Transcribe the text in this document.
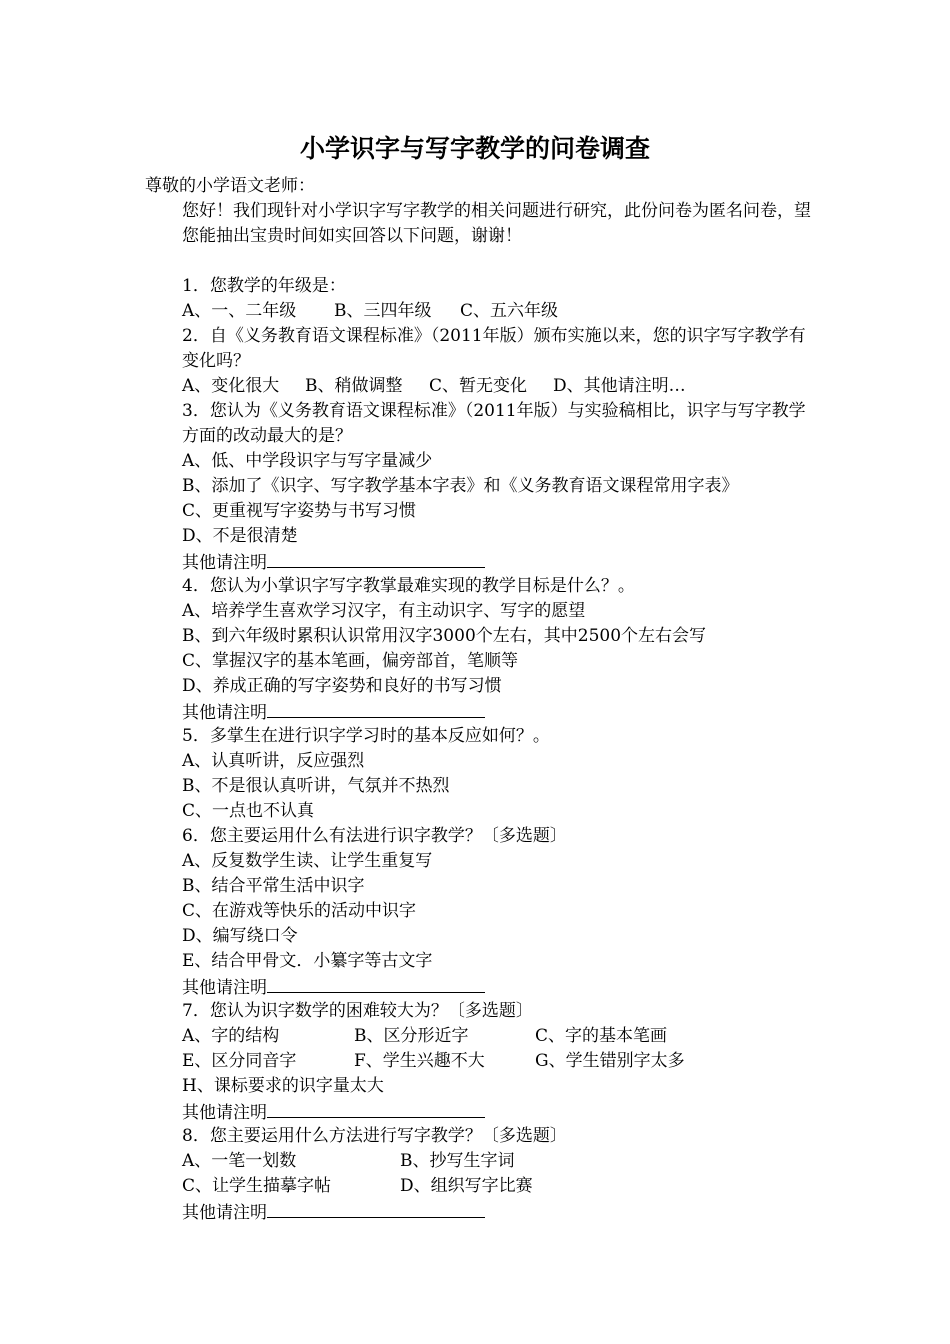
小学识字与写字教学的问卷调查
尊敬的小学语文老师：
您好！我们现针对小学识字写字教学的相关问题进行研究，此份问卷为匿名问卷，望您能抽出宝贵时间如实回答以下问题，谢谢！
1．您教学的年级是：
A、一、二年级 B、三四年级 C、五六年级
2．自《义务教育语文课程标准》（2011年版）颁布实施以来，您的识字写字教学有变化吗？
A、变化很大 B、稍做调整 C、暂无变化 D、其他请注明…
3．您认为《义务教育语文课程标准》（2011年版）与实验稿相比，识字与写字教学方面的改动最大的是？
A、低、中学段识字与写字量减少
B、添加了《识字、写字教学基本字表》和《义务教育语文课程常用字表》
C、更重视写字姿势与书写习惯
D、不是很清楚
其他请注明
4．您认为小掌识字写字教掌最难实现的教学目标是什么？。
A、培养学生喜欢学习汉字，有主动识字、写字的愿望
B、到六年级时累积认识常用汉字3000个左右，其中2500个左右会写
C、掌握汉字的基本笔画，偏旁部首，笔顺等
D、养成正确的写字姿势和良好的书写习惯
其他请注明
5．多掌生在进行识字学习时的基本反应如何？。
A、认真听讲，反应强烈
B、不是很认真听讲，气氛并不热烈
C、一点也不认真
6．您主要运用什么有法进行识字教学？〔多选题〕
A、反复数学生读、让学生重复写
B、结合平常生活中识字
C、在游戏等快乐的活动中识字
D、编写绕口令
E、结合甲骨文．小纂字等古文字
其他请注明
7．您认为识字数学的困难较大为？〔多选题〕
A、字的结构	B、区分形近字	C、字的基本笔画
E、区分同音字	F、学生兴趣不大	G、学生错别字太多
H、课标要求的识字量太大
其他请注明
8．您主要运用什么方法进行写字教学？〔多选题〕
A、一笔一划数	B、抄写生字词
C、让学生描摹字帖	D、组织写字比赛
其他请注明
